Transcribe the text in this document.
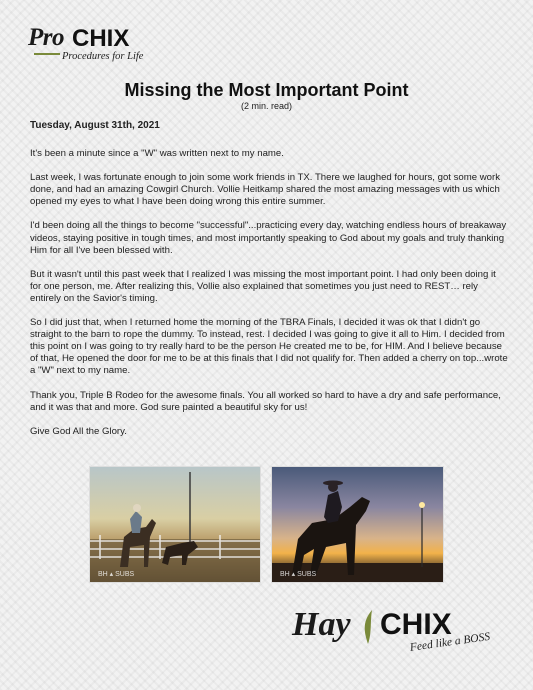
Pro CHIX
Procedures for Life
Missing the Most Important Point
(2 min. read)
Tuesday, August 31th, 2021

It's been a minute since a "W" was written next to my name.

Last week, I was fortunate enough to join some work friends in TX. There we laughed for hours, got some work done, and had an amazing Cowgirl Church. Vollie Heitkamp shared the most amazing messages with us which opened my eyes to what I have been doing wrong this entire summer.

I'd been doing all the things to become "successful"...practicing every day, watching endless hours of breakaway videos, staying positive in tough times, and most importantly speaking to God about my goals and truly thanking Him for all I've been blessed with.

But it wasn't until this past week that I realized I was missing the most important point. I had only been doing it for one person, me. After realizing this, Vollie also explained that sometimes you just need to REST… rely entirely on the Savior's timing.

So I did just that, when I returned home the morning of the TBRA Finals, I decided it was ok that I didn't go straight to the barn to rope the dummy. To instead, rest. I decided I was going to give it all to Him. I decided from this point on I was going to try really hard to be the person He created me to be, for HIM. And I believe because of that, He opened the door for me to be at this finals that I did not qualify for. Then added a cherry on top...wrote a "W" next to my name.

Thank you, Triple B Rodeo for the awesome finals. You all worked so hard to have a dry and safe performance, and it was that and more. God sure painted a beautiful sky for us!

Give God All the Glory.

BH ▴ SUBS	BH ▴ SUBS
Hay CHIX
Feed like a BOSS
